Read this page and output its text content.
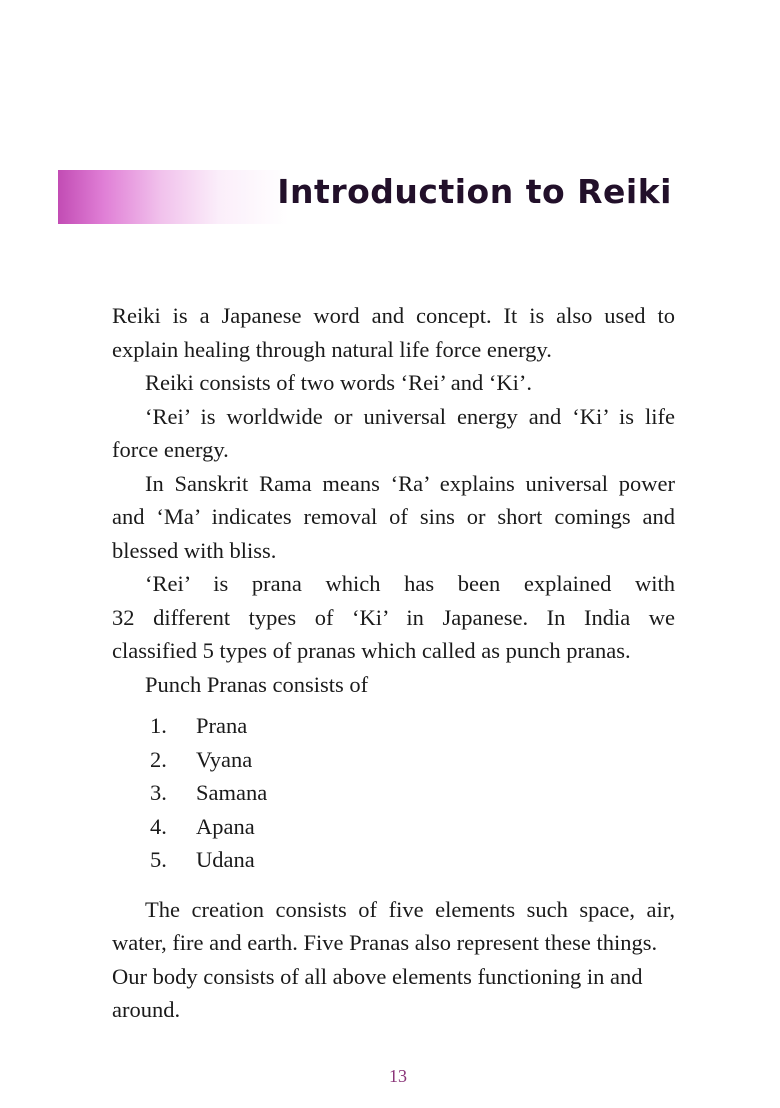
Introduction to Reiki
Reiki is a Japanese word and concept. It is also used to
explain healing through natural life force energy.
Reiki consists of two words ‘Rei’ and ‘Ki’.
‘Rei’ is worldwide or universal energy and ‘Ki’ is life
force energy.
In Sanskrit Rama means ‘Ra’ explains universal power
and ‘Ma’ indicates removal of sins or short comings and
blessed with bliss.
‘Rei’ is prana which has been explained with
32 different types of ‘Ki’ in Japanese. In India we
classified 5 types of pranas which called as punch pranas.
Punch Pranas consists of
1.	Prana
2.	Vyana
3.	Samana
4.	Apana
5.	Udana
The creation consists of five elements such space, air,
water, fire and earth. Five Pranas also represent these things.
Our body consists of all above elements functioning in and
around.
13
